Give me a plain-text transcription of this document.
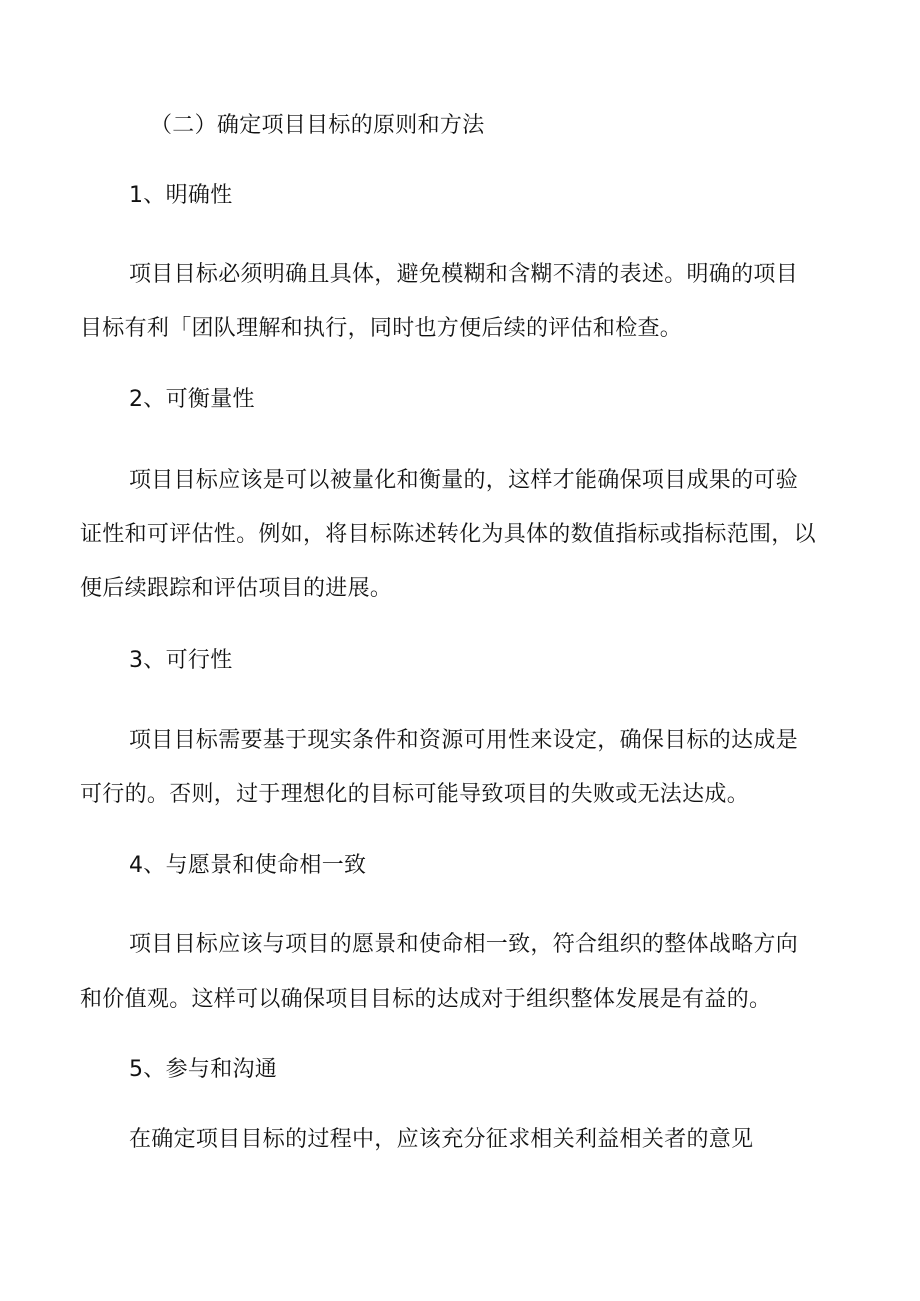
（二）确定项目目标的原则和方法
1、明确性
项目目标必须明确且具体，避免模糊和含糊不清的表述。明确的项目
目标有利「团队理解和执行，同时也方便后续的评估和检查。
2、可衡量性
项目目标应该是可以被量化和衡量的，这样才能确保项目成果的可验
证性和可评估性。例如，将目标陈述转化为具体的数值指标或指标范围，以
便后续跟踪和评估项目的进展。
3、可行性
项目目标需要基于现实条件和资源可用性来设定，确保目标的达成是
可行的。否则，过于理想化的目标可能导致项目的失败或无法达成。
4、与愿景和使命相一致
项目目标应该与项目的愿景和使命相一致，符合组织的整体战略方向
和价值观。这样可以确保项目目标的达成对于组织整体发展是有益的。
5、参与和沟通
在确定项目目标的过程中，应该充分征求相关利益相关者的意见
